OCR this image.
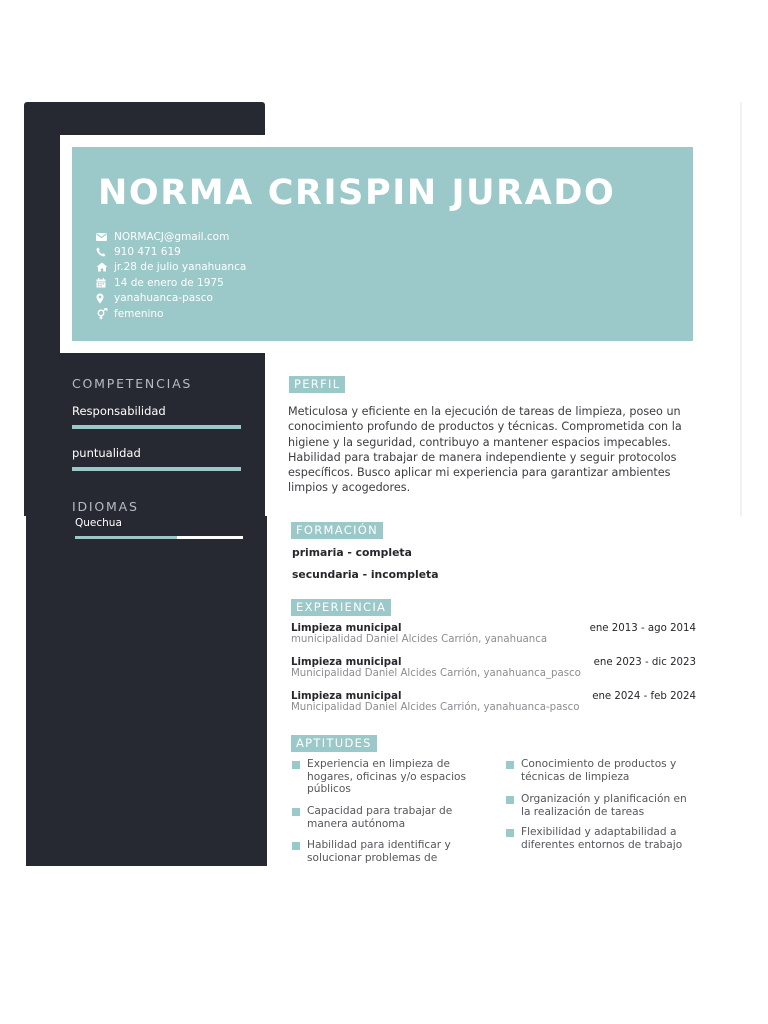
NORMA CRISPIN JURADO
NORMACJ@gmail.com
910 471 619
jr.28 de julio yanahuanca
14 de enero de 1975
yanahuanca-pasco
femenino
COMPETENCIAS
Responsabilidad
puntualidad
IDIOMAS
Quechua
PERFIL

Meticulosa y eficiente en la ejecución de tareas de limpieza, poseo un conocimiento profundo de productos y técnicas. Comprometida con la higiene y la seguridad, contribuyo a mantener espacios impecables. Habilidad para trabajar de manera independiente y seguir protocolos específicos. Busco aplicar mi experiencia para garantizar ambientes limpios y acogedores.

FORMACIÓN
primaria - completa
secundaria - incompleta
EXPERIENCIA
Limpieza municipal	ene 2013 - ago 2014
municipalidad Daniel Alcides Carrión, yanahuanca
Limpieza municipal	ene 2023 - dic 2023
Municipalidad Daniel Alcides Carrión, yanahuanca_pasco
Limpieza municipal	ene 2024 - feb 2024
Municipalidad Daniel Alcides Carrión, yanahuanca-pasco
APTITUDES
Experiencia en limpieza de hogares, oficinas y/o espacios públicos
Capacidad para trabajar de manera autónoma
Habilidad para identificar y solucionar problemas de
Conocimiento de productos y técnicas de limpieza
Organización y planificación en la realización de tareas
Flexibilidad y adaptabilidad a diferentes entornos de trabajo
